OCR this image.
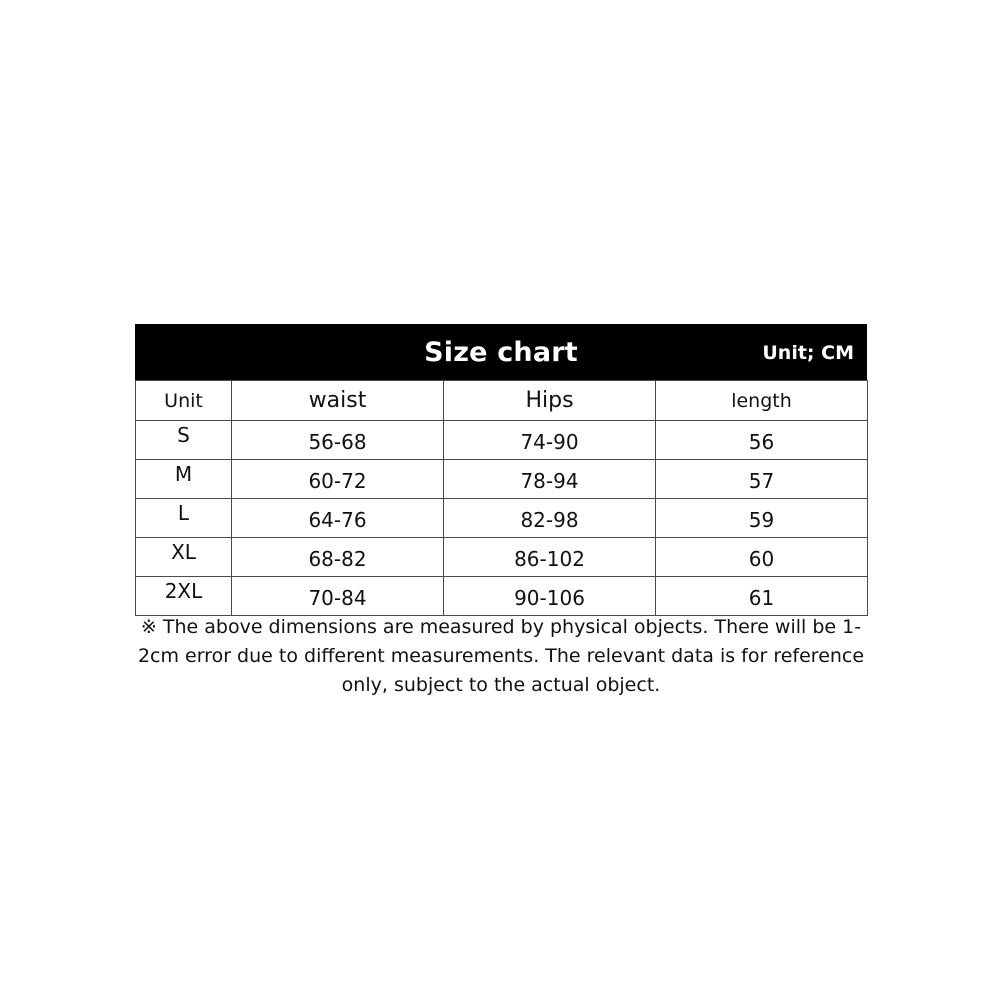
Size chart	Unit; CM
Unit	waist	Hips	length
S	56-68	74-90	56
M	60-72	78-94	57
L	64-76	82-98	59
XL	68-82	86-102	60
2XL	70-84	90-106	61
※ The above dimensions are measured by physical objects. There will be 1-
2cm error due to different measurements. The relevant data is for reference
only, subject to the actual object.
